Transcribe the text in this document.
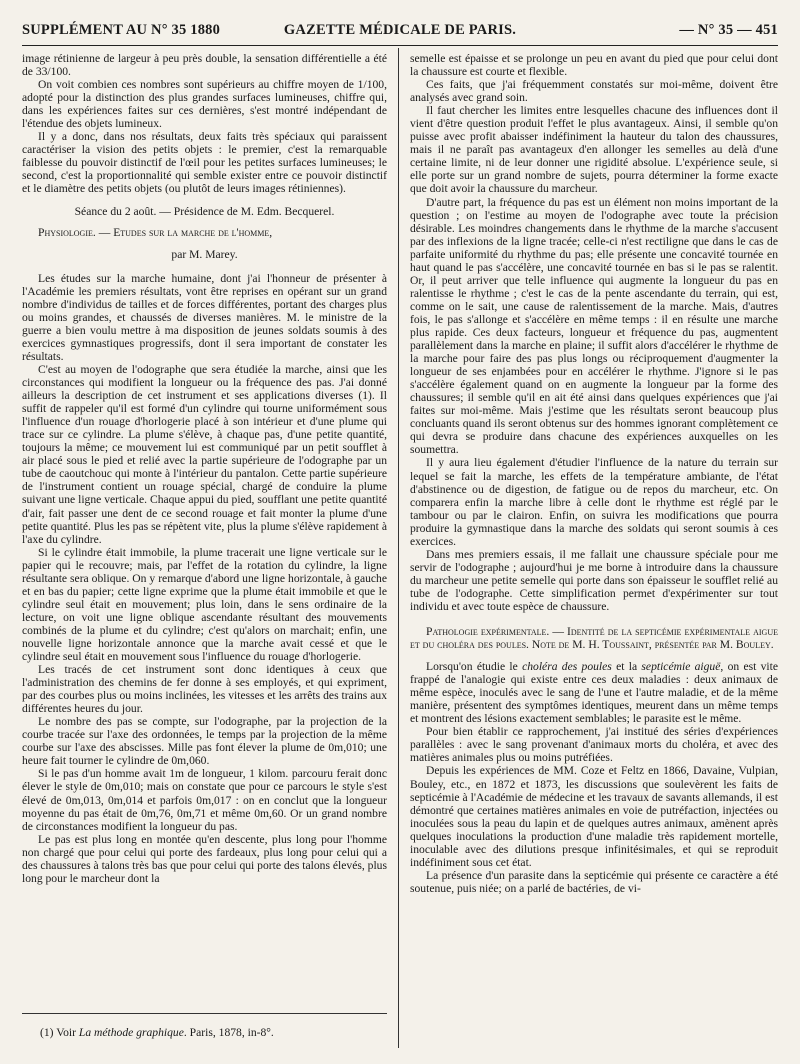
SUPPLÉMENT AU N° 35 1880	GAZETTE MÉDICALE DE PARIS.	— N° 35 — 451

image rétinienne de largeur à peu près double, la sensation différentielle a été de 33/100.

On voit combien ces nombres sont supérieurs au chiffre moyen de 1/100, adopté pour la distinction des plus grandes surfaces lumineuses, chiffre qui, dans les expériences faites sur ces dernières, s'est montré indépendant de l'étendue des objets lumineux.

Il y a donc, dans nos résultats, deux faits très spéciaux qui paraissent caractériser la vision des petits objets : le premier, c'est la remarquable faiblesse du pouvoir distinctif de l'œil pour les petites surfaces lumineuses; le second, c'est la proportionnalité qui semble exister entre ce pouvoir distinctif et le diamètre des petits objets (ou plutôt de leurs images rétiniennes).

Séance du 2 août. — Présidence de M. Edm. Becquerel.

Physiologie. — Etudes sur la marche de l'homme,

par M. Marey.

Les études sur la marche humaine, dont j'ai l'honneur de présenter à l'Académie les premiers résultats, vont être reprises en opérant sur un grand nombre d'individus de tailles et de forces différentes, portant des charges plus ou moins grandes, et chaussés de diverses manières. M. le ministre de la guerre a bien voulu mettre à ma disposition de jeunes soldats soumis à des exercices gymnastiques progressifs, dont il sera important de constater les résultats.

C'est au moyen de l'odographe que sera étudiée la marche, ainsi que les circonstances qui modifient la longueur ou la fréquence des pas. J'ai donné ailleurs la description de cet instrument et ses applications diverses (1). Il suffit de rappeler qu'il est formé d'un cylindre qui tourne uniformément sous l'influence d'un rouage d'horlogerie placé à son intérieur et d'une plume qui trace sur ce cylindre. La plume s'élève, à chaque pas, d'une petite quantité, toujours la même; ce mouvement lui est communiqué par un petit soufflet à air placé sous le pied et relié avec la partie supérieure de l'odographe par un tube de caoutchouc qui monte à l'intérieur du pantalon. Cette partie supérieure de l'instrument contient un rouage spécial, chargé de conduire la plume suivant une ligne verticale. Chaque appui du pied, soufflant une petite quantité d'air, fait passer une dent de ce second rouage et fait monter la plume d'une petite quantité. Plus les pas se répètent vite, plus la plume s'élève rapidement à l'axe du cylindre.

Si le cylindre était immobile, la plume tracerait une ligne verticale sur le papier qui le recouvre; mais, par l'effet de la rotation du cylindre, la ligne résultante sera oblique. On y remarque d'abord une ligne horizontale, à gauche et en bas du papier; cette ligne exprime que la plume était immobile et que le cylindre seul était en mouvement; plus loin, dans le sens ordinaire de la lecture, on voit une ligne oblique ascendante résultant des mouvements combinés de la plume et du cylindre; c'est qu'alors on marchait; enfin, une nouvelle ligne horizontale annonce que la marche avait cessé et que le cylindre seul était en mouvement sous l'influence du rouage d'horlogerie.

Les tracés de cet instrument sont donc identiques à ceux que l'administration des chemins de fer donne à ses employés, et qui expriment, par des courbes plus ou moins inclinées, les vitesses et les arrêts des trains aux différentes heures du jour.

Le nombre des pas se compte, sur l'odographe, par la projection de la courbe tracée sur l'axe des ordonnées, le temps par la projection de la même courbe sur l'axe des abscisses. Mille pas font élever la plume de 0m,010; une heure fait tourner le cylindre de 0m,060.

Si le pas d'un homme avait 1m de longueur, 1 kilom. parcouru ferait donc élever le style de 0m,010; mais on constate que pour ce parcours le style s'est élevé de 0m,013, 0m,014 et parfois 0m,017 : on en conclut que la longueur moyenne du pas était de 0m,76, 0m,71 et même 0m,60. Or un grand nombre de circonstances modifient la longueur du pas.

Le pas est plus long en montée qu'en descente, plus long pour l'homme non chargé que pour celui qui porte des fardeaux, plus long pour celui qui a des chaussures à talons très bas que pour celui qui porte des talons élevés, plus long pour le marcheur dont la

(1) Voir La méthode graphique. Paris, 1878, in-8°.

semelle est épaisse et se prolonge un peu en avant du pied que pour celui dont la chaussure est courte et flexible.

Ces faits, que j'ai fréquemment constatés sur moi-même, doivent être analysés avec grand soin.

Il faut chercher les limites entre lesquelles chacune des influences dont il vient d'être question produit l'effet le plus avantageux. Ainsi, il semble qu'on puisse avec profit abaisser indéfiniment la hauteur du talon des chaussures, mais il ne paraît pas avantageux d'en allonger les semelles au delà d'une certaine limite, ni de leur donner une rigidité absolue. L'expérience seule, si elle porte sur un grand nombre de sujets, pourra déterminer la forme exacte que doit avoir la chaussure du marcheur.

D'autre part, la fréquence du pas est un élément non moins important de la question ; on l'estime au moyen de l'odographe avec toute la précision désirable. Les moindres changements dans le rhythme de la marche s'accusent par des inflexions de la ligne tracée; celle-ci n'est rectiligne que dans le cas de parfaite uniformité du rhythme du pas; elle présente une concavité tournée en haut quand le pas s'accélère, une concavité tournée en bas si le pas se ralentit. Or, il peut arriver que telle influence qui augmente la longueur du pas en ralentisse le rhythme ; c'est le cas de la pente ascendante du terrain, qui est, comme on le sait, une cause de ralentissement de la marche. Mais, d'autres fois, le pas s'allonge et s'accélère en même temps : il en résulte une marche plus rapide. Ces deux facteurs, longueur et fréquence du pas, augmentent parallèlement dans la marche en plaine; il suffit alors d'accélérer le rhythme de la marche pour faire des pas plus longs ou réciproquement d'augmenter la longueur de ses enjambées pour en accélérer le rhythme. J'ignore si le pas s'accélère également quand on en augmente la longueur par la forme des chaussures; il semble qu'il en ait été ainsi dans quelques expériences que j'ai faites sur moi-même. Mais j'estime que les résultats seront beaucoup plus concluants quand ils seront obtenus sur des hommes ignorant complètement ce qui devra se produire dans chacune des expériences auxquelles on les soumettra.

Il y aura lieu également d'étudier l'influence de la nature du terrain sur lequel se fait la marche, les effets de la température ambiante, de l'état d'abstinence ou de digestion, de fatigue ou de repos du marcheur, etc. On comparera enfin la marche libre à celle dont le rhythme est réglé par le tambour ou par le clairon. Enfin, on suivra les modifications que pourra produire la gymnastique dans la marche des soldats qui seront soumis à ces exercices.

Dans mes premiers essais, il me fallait une chaussure spéciale pour me servir de l'odographe ; aujourd'hui je me borne à introduire dans la chaussure du marcheur une petite semelle qui porte dans son épaisseur le soufflet relié au tube de l'odographe. Cette simplification permet d'expérimenter sur tout individu et avec toute espèce de chaussure.

Pathologie expérimentale. — Identité de la septicémie expérimentale aigue et du choléra des poules. Note de M. H. Toussaint, présentée par M. Bouley.

Lorsqu'on étudie le choléra des poules et la septicémie aiguë, on est vite frappé de l'analogie qui existe entre ces deux maladies : deux animaux de même espèce, inoculés avec le sang de l'une et l'autre maladie, et de la même manière, présentent des symptômes identiques, meurent dans un même temps et montrent des lésions exactement semblables; le parasite est le même.

Pour bien établir ce rapprochement, j'ai institué des séries d'expériences parallèles : avec le sang provenant d'animaux morts du choléra, et avec des matières animales plus ou moins putréfiées.

Depuis les expériences de MM. Coze et Feltz en 1866, Davaine, Vulpian, Bouley, etc., en 1872 et 1873, les discussions que soulevèrent les faits de septicémie à l'Académie de médecine et les travaux de savants allemands, il est démontré que certaines matières animales en voie de putréfaction, injectées ou inoculées sous la peau du lapin et de quelques autres animaux, amènent après quelques inoculations la production d'une maladie très rapidement mortelle, inoculable avec des dilutions presque infinitésimales, et qui se reproduit indéfiniment sous cet état.

La présence d'un parasite dans la septicémie qui présente ce caractère a été soutenue, puis niée; on a parlé de bactéries, de vi-
